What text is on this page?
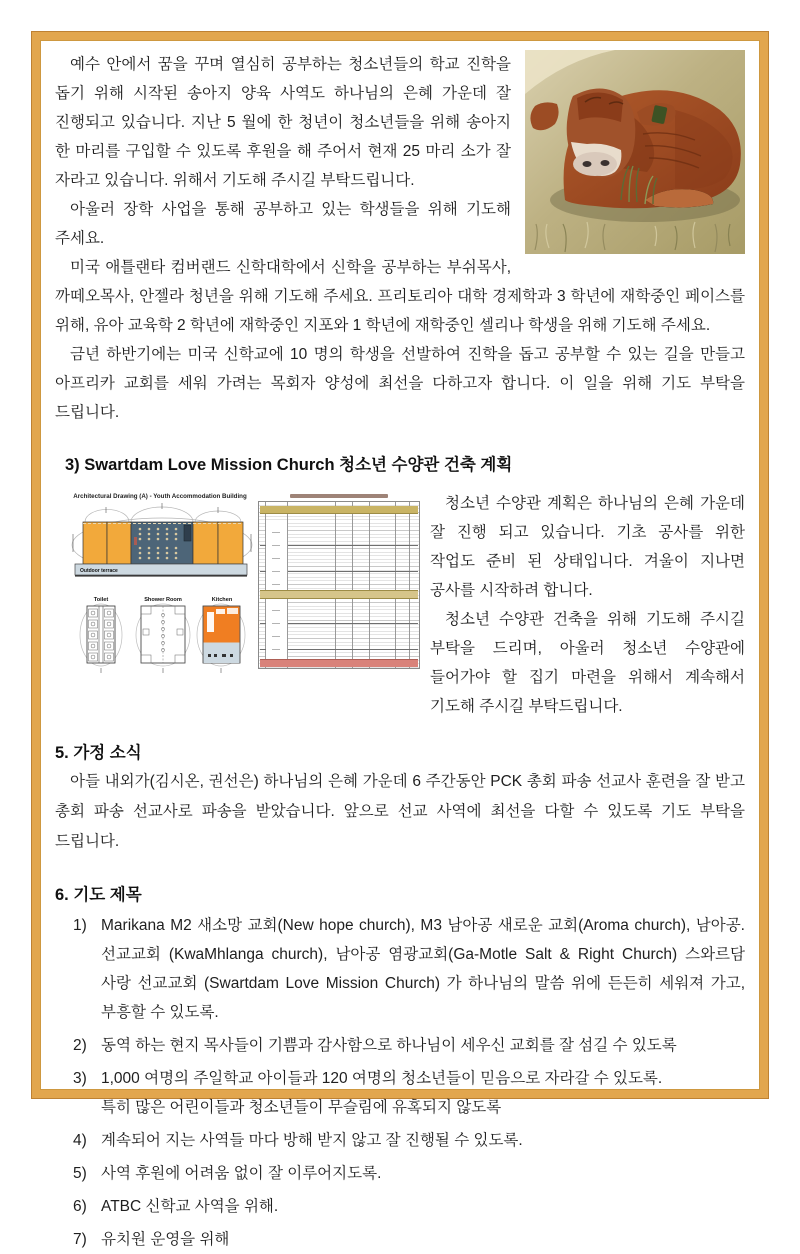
예수 안에서 꿈을 꾸며 열심히 공부하는 청소년들의 학교 진학을 돕기 위해 시작된 송아지 양육 사역도 하나님의 은혜 가운데 잘 진행되고 있습니다. 지난 5 월에 한 청년이 청소년들을 위해 송아지 한 마리를 구입할 수 있도록 후원을 해 주어서 현재 25 마리 소가 잘 자라고 있습니다. 위해서 기도해 주시길 부탁드립니다.

아울러 장학 사업을 통해 공부하고 있는 학생들을 위해 기도해 주세요.

미국 애틀랜타 컴버랜드 신학대학에서 신학을 공부하는 부쉬목사, 까떼오목사, 안젤라 청년을 위해 기도해 주세요. 프리토리아 대학 경제학과 3 학년에 재학중인 페이스를 위해, 유아 교육학 2 학년에 재학중인 지포와 1 학년에 재학중인 셀리나 학생을 위해 기도해 주세요.

금년 하반기에는 미국 신학교에 10 명의 학생을 선발하여 진학을 돕고 공부할 수 있는 길을 만들고 아프리카 교회를 세워 가려는 목회자 양성에 최선을 다하고자 합니다. 이 일을 위해 기도 부탁을 드립니다.

3) Swartdam Love Mission Church 청소년 수양관 건축 계획
Architectural Drawing (A) - Youth Accommodation Building
Outdoor terrace
Toilet	Shower Room	Kitchen

청소년 수양관 계획은 하나님의 은혜 가운데 잘 진행 되고 있습니다. 기초 공사를 위한 작업도 준비 된 상태입니다. 겨울이 지나면 공사를 시작하려 합니다.

청소년 수양관 건축을 위해 기도해 주시길 부탁을 드리며, 아울러 청소년 수양관에 들어가야 할 집기 마련을 위해서 계속해서 기도해 주시길 부탁드립니다.

5. 가정 소식

아들 내외가(김시온, 권선은) 하나님의 은혜 가운데 6 주간동안 PCK 총회 파송 선교사 훈련을 잘 받고 총회 파송 선교사로 파송을 받았습니다. 앞으로 선교 사역에 최선을 다할 수 있도록 기도 부탁을 드립니다.

6. 기도 제목
1) Marikana M2 새소망 교회(New hope church), M3 남아공 새로운 교회(Aroma church), 남아공. 선교교회 (KwaMhlanga church), 남아공 염광교회(Ga-Motle Salt & Right Church) 스와르담 사랑 선교교회 (Swartdam Love Mission Church) 가 하나님의 말씀 위에 든든히 세워져 가고, 부흥할 수 있도록.
2) 동역 하는 현지 목사들이 기쁨과 감사함으로 하나님이 세우신 교회를 잘 섬길 수 있도록
3) 1,000 여명의 주일학교 아이들과 120 여명의 청소년들이 믿음으로 자라갈 수 있도록.
특히 많은 어린이들과 청소년들이 무슬림에 유혹되지 않도록
4) 계속되어 지는 사역들 마다 방해 받지 않고 잘 진행될 수 있도록.
5) 사역 후원에 어려움 없이 잘 이루어지도록.
6) ATBC 신학교 사역을 위해.
7) 유치원 운영을 위해
